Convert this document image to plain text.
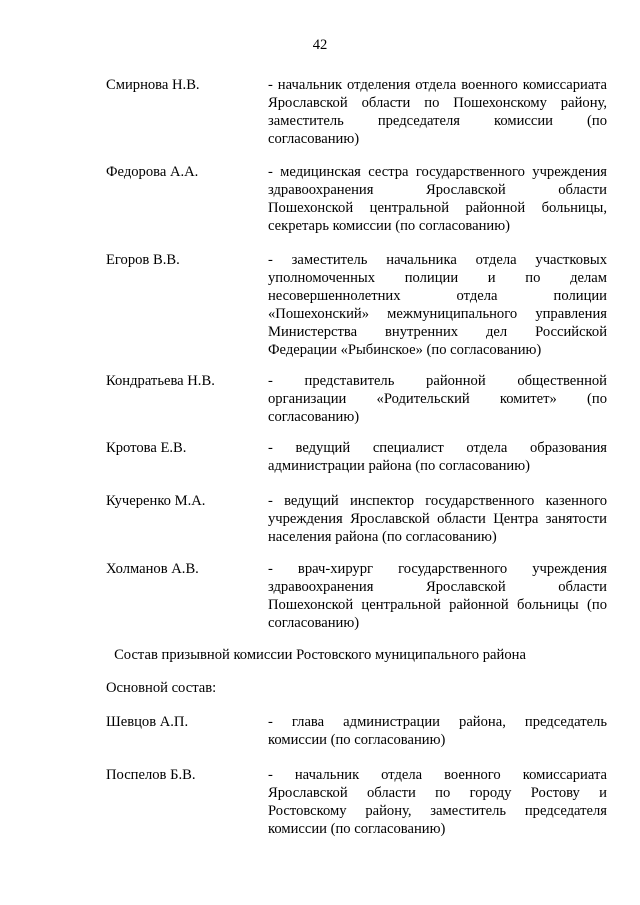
42
Смирнова Н.В.	- начальник отделения отдела военного комиссариата
Ярославской области по Пошехонскому району,
заместитель председателя комиссии (по
согласованию)
Федорова А.А.	- медицинская сестра государственного учреждения
здравоохранения Ярославской области
Пошехонской центральной районной больницы,
секретарь комиссии (по согласованию)
Егоров В.В.	- заместитель начальника отдела участковых
уполномоченных полиции и по делам
несовершеннолетних отдела полиции
«Пошехонский» межмуниципального управления
Министерства внутренних дел Российской
Федерации «Рыбинское» (по согласованию)
Кондратьева Н.В.	- представитель районной общественной
организации «Родительский комитет» (по
согласованию)
Кротова Е.В.	- ведущий специалист отдела образования
администрации района (по согласованию)
Кучеренко М.А.	- ведущий инспектор государственного казенного
учреждения Ярославской области Центра занятости
населения района (по согласованию)
Холманов А.В.	- врач-хирург государственного учреждения
здравоохранения Ярославской области
Пошехонской центральной районной больницы (по
согласованию)
Состав призывной комиссии Ростовского муниципального района
Основной состав:
Шевцов А.П.	- глава администрации района, председатель
комиссии (по согласованию)
Поспелов Б.В.	- начальник отдела военного комиссариата
Ярославской области по городу Ростову и
Ростовскому району, заместитель председателя
комиссии (по согласованию)
